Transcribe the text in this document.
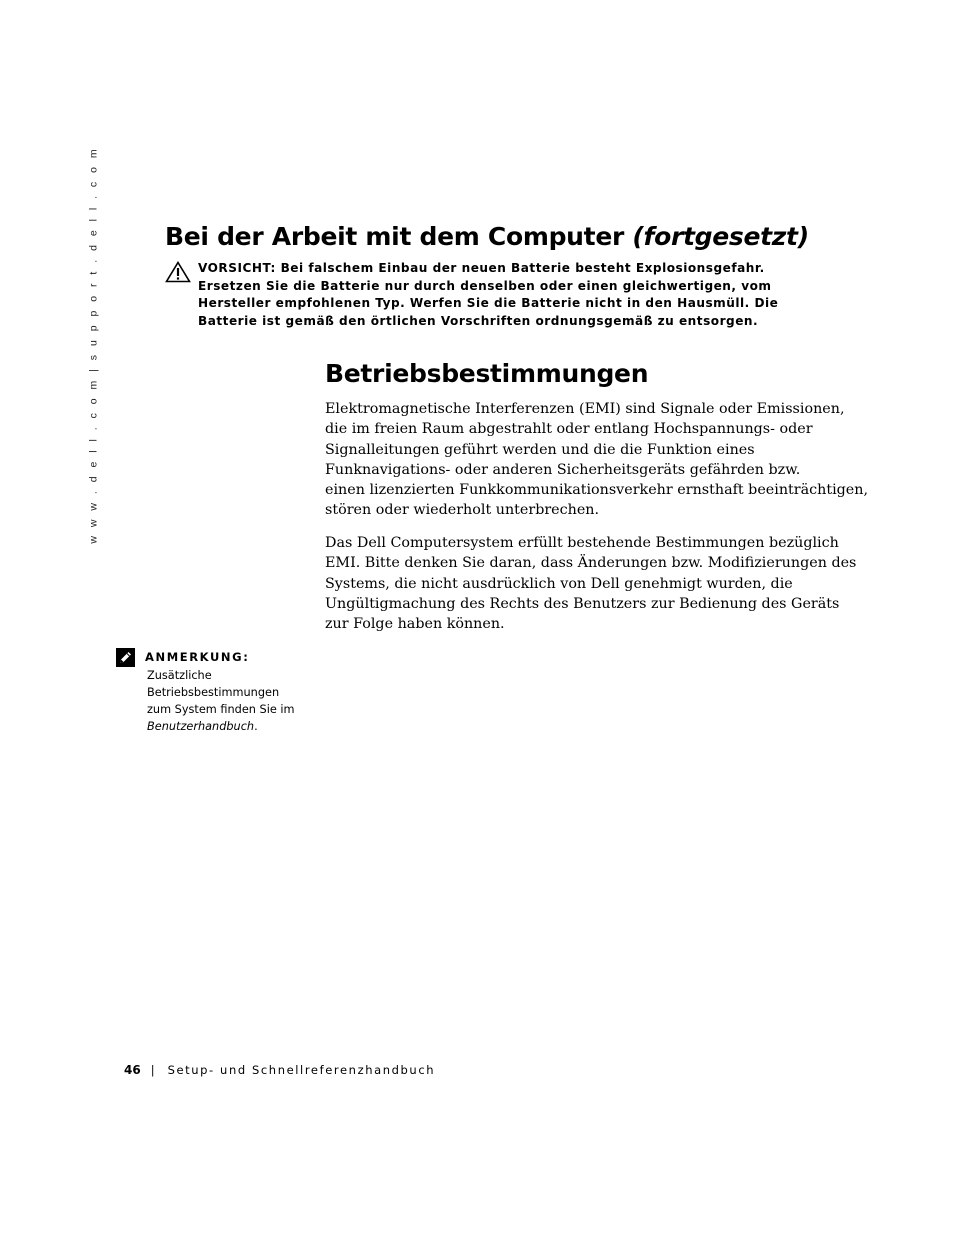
w w w . d e l l . c o m | s u p p o r t . d e l l . c o m	Bei der Arbeit mit dem Computer (fortgesetzt)

VORSICHT: Bei falschem Einbau der neuen Batterie besteht Explosionsgefahr.
Ersetzen Sie die Batterie nur durch denselben oder einen gleichwertigen, vom
Hersteller empfohlenen Typ. Werfen Sie die Batterie nicht in den Hausmüll. Die
Batterie ist gemäß den örtlichen Vorschriften ordnungsgemäß zu entsorgen.

Betriebsbestimmungen

Elektromagnetische Interferenzen (EMI) sind Signale oder Emissionen,
die im freien Raum abgestrahlt oder entlang Hochspannungs- oder
Signalleitungen geführt werden und die die Funktion eines
Funknavigations- oder anderen Sicherheitsgeräts gefährden bzw.
einen lizenzierten Funkkommunikationsverkehr ernsthaft beeinträchtigen,
stören oder wiederholt unterbrechen.

Das Dell Computersystem erfüllt bestehende Bestimmungen bezüglich
EMI. Bitte denken Sie daran, dass Änderungen bzw. Modifizierungen des
Systems, die nicht ausdrücklich von Dell genehmigt wurden, die
Ungültigmachung des Rechts des Benutzers zur Bedienung des Geräts
zur Folge haben können.

ANMERKUNG:

Zusätzliche
Betriebsbestimmungen
zum System finden Sie im
Benutzerhandbuch.

46 | Setup- und Schnellreferenzhandbuch
